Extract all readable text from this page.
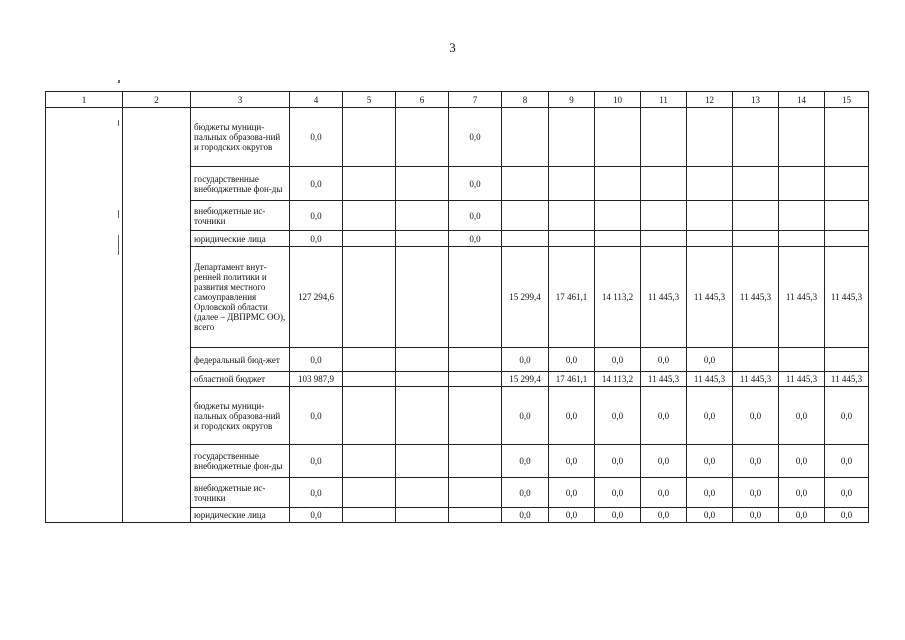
3
1	2	3	4	5	6	7	8	9	10	11	12	13	14	15
		бюджеты муници-пальных образова-ний и городских округов	0,0			0,0								
		государственные внебюджетные фон-ды	0,0			0,0								
		внебюджетные ис-точники	0,0			0,0								
		юридические лица	0,0			0,0								
		Департамент внут-ренней политики и развития местного самоуправления Орловской области (далее – ДВПРМС ОО), всего	127 294,6				15 299,4	17 461,1	14 113,2	11 445,3	11 445,3	11 445,3	11 445,3	11 445,3
		федеральный бюд-жет	0,0				0,0	0,0	0,0	0,0	0,0			
		областной бюджет	103 987,9				15 299,4	17 461,1	14 113,2	11 445,3	11 445,3	11 445,3	11 445,3	11 445,3
		бюджеты муници-пальных образова-ний и городских округов	0,0				0,0	0,0	0,0	0,0	0,0	0,0	0,0	0,0
		государственные внебюджетные фон-ды	0,0				0,0	0,0	0,0	0,0	0,0	0,0	0,0	0,0
		внебюджетные ис-точники	0,0				0,0	0,0	0,0	0,0	0,0	0,0	0,0	0,0
		юридические лица	0,0				0,0	0,0	0,0	0,0	0,0	0,0	0,0	0,0
